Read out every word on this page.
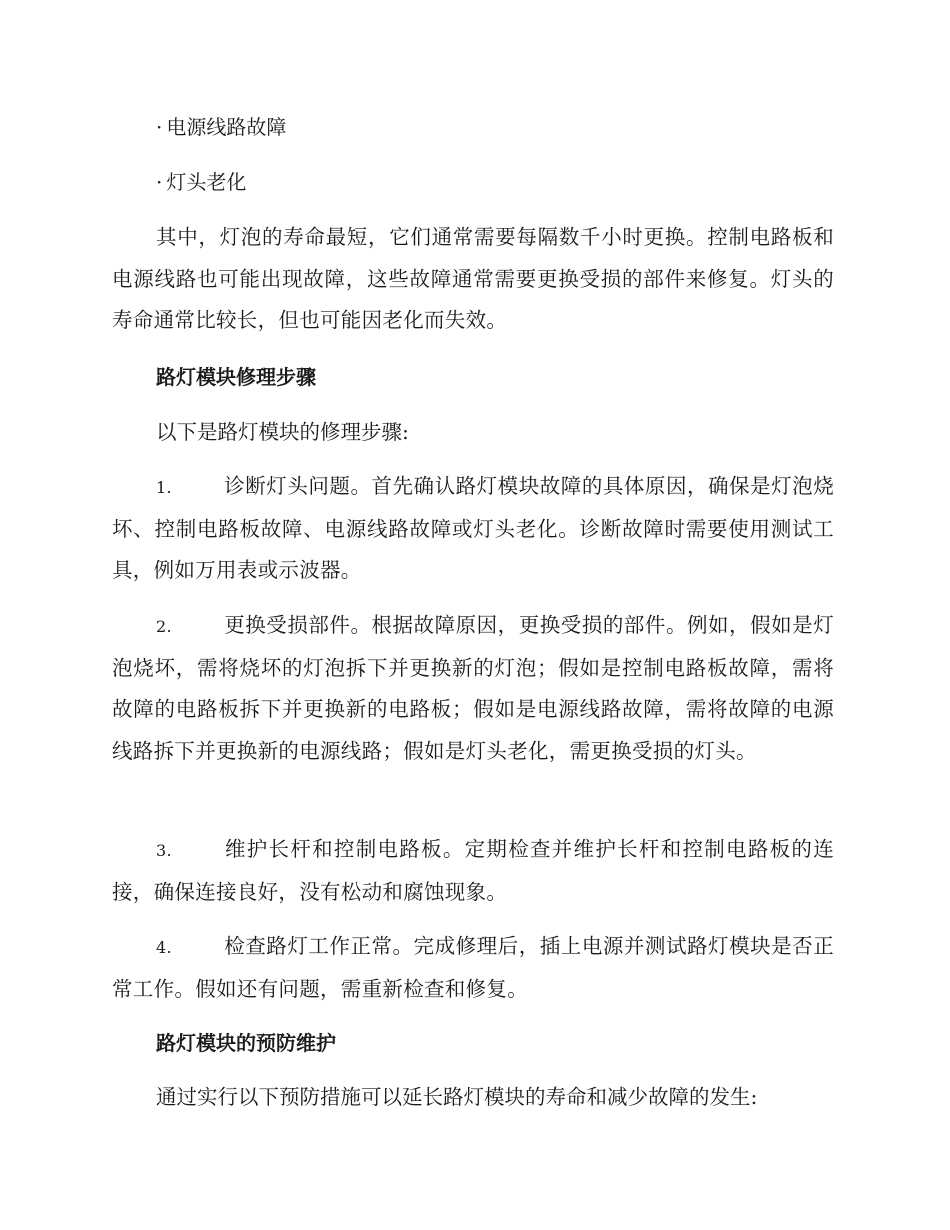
· 电源线路故障
· 灯头老化
其中，灯泡的寿命最短，它们通常需要每隔数千小时更换。控制电路板和电源线路也可能出现故障，这些故障通常需要更换受损的部件来修复。灯头的寿命通常比较长，但也可能因老化而失效。
路灯模块修理步骤
以下是路灯模块的修理步骤:
1.	诊断灯头问题。首先确认路灯模块故障的具体原因，确保是灯泡烧坏、控制电路板故障、电源线路故障或灯头老化。诊断故障时需要使用测试工具，例如万用表或示波器。
2.	更换受损部件。根据故障原因，更换受损的部件。例如，假如是灯泡烧坏，需将烧坏的灯泡拆下并更换新的灯泡；假如是控制电路板故障，需将故障的电路板拆下并更换新的电路板；假如是电源线路故障，需将故障的电源线路拆下并更换新的电源线路；假如是灯头老化，需更换受损的灯头。
3.	维护长杆和控制电路板。定期检查并维护长杆和控制电路板的连接，确保连接良好，没有松动和腐蚀现象。
4.	检查路灯工作正常。完成修理后，插上电源并测试路灯模块是否正常工作。假如还有问题，需重新检查和修复。
路灯模块的预防维护
通过实行以下预防措施可以延长路灯模块的寿命和减少故障的发生:
